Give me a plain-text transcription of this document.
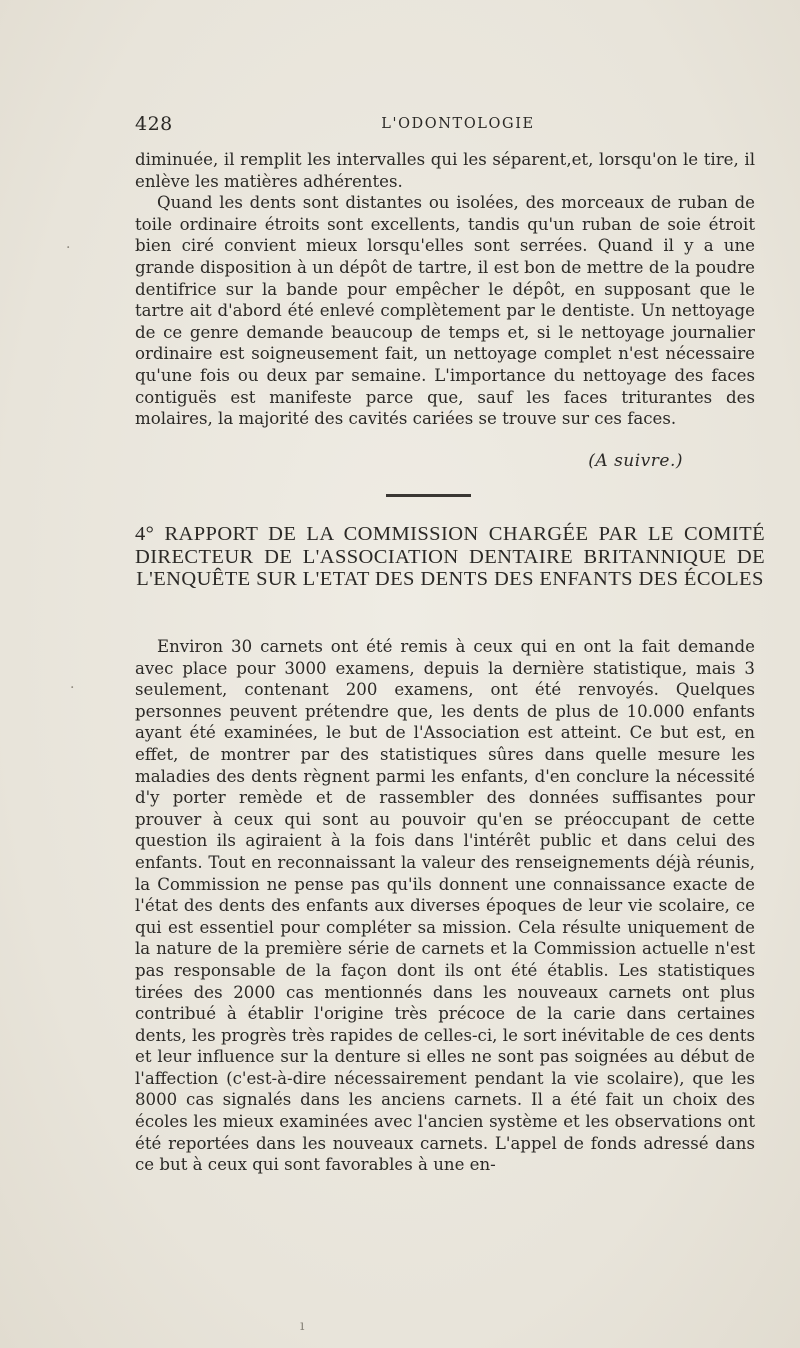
428	L'ODONTOLOGIE

diminuée, il remplit les intervalles qui les séparent,et, lorsqu'on le tire, il enlève les matières adhérentes.

Quand les dents sont distantes ou isolées, des morceaux de ruban de toile ordinaire étroits sont excellents, tandis qu'un ruban de soie étroit bien ciré convient mieux lorsqu'elles sont serrées. Quand il y a une grande disposition à un dépôt de tartre, il est bon de mettre de la poudre dentifrice sur la bande pour empêcher le dépôt, en supposant que le tartre ait d'abord été enlevé complètement par le dentiste. Un nettoyage de ce genre demande beaucoup de temps et, si le nettoyage journalier ordinaire est soigneusement fait, un nettoyage complet n'est nécessaire qu'une fois ou deux par semaine. L'importance du nettoyage des faces contiguës est manifeste parce que, sauf les faces triturantes des molaires, la majorité des cavités cariées se trouve sur ces faces.

(A suivre.)
4° RAPPORT DE LA COMMISSION CHARGÉE PAR LE COMITÉ DIRECTEUR DE L'ASSOCIATION DENTAIRE BRITANNIQUE DE L'ENQUÊTE SUR L'ETAT DES DENTS DES ENFANTS DES ÉCOLES

Environ 30 carnets ont été remis à ceux qui en ont la fait demande avec place pour 3000 examens, depuis la dernière statistique, mais 3 seulement, contenant 200 examens, ont été renvoyés. Quelques personnes peuvent prétendre que, les dents de plus de 10.000 enfants ayant été examinées, le but de l'Association est atteint. Ce but est, en effet, de montrer par des statistiques sûres dans quelle mesure les maladies des dents règnent parmi les enfants, d'en conclure la nécessité d'y porter remède et de rassembler des données suffisantes pour prouver à ceux qui sont au pouvoir qu'en se préoccupant de cette question ils agiraient à la fois dans l'intérêt public et dans celui des enfants. Tout en reconnaissant la valeur des renseignements déjà réunis, la Commission ne pense pas qu'ils donnent une connaissance exacte de l'état des dents des enfants aux diverses époques de leur vie scolaire, ce qui est essentiel pour compléter sa mission. Cela résulte uniquement de la nature de la première série de carnets et la Commission actuelle n'est pas responsable de la façon dont ils ont été établis. Les statistiques tirées des 2000 cas mentionnés dans les nouveaux carnets ont plus contribué à établir l'origine très précoce de la carie dans certaines dents, les progrès très rapides de celles-ci, le sort inévitable de ces dents et leur influence sur la denture si elles ne sont pas soignées au début de l'affection (c'est-à-dire nécessairement pendant la vie scolaire), que les 8000 cas signalés dans les anciens carnets. Il a été fait un choix des écoles les mieux examinées avec l'ancien système et les observations ont été reportées dans les nouveaux carnets. L'appel de fonds adressé dans ce but à ceux qui sont favorables à une en-

·
·
ı
